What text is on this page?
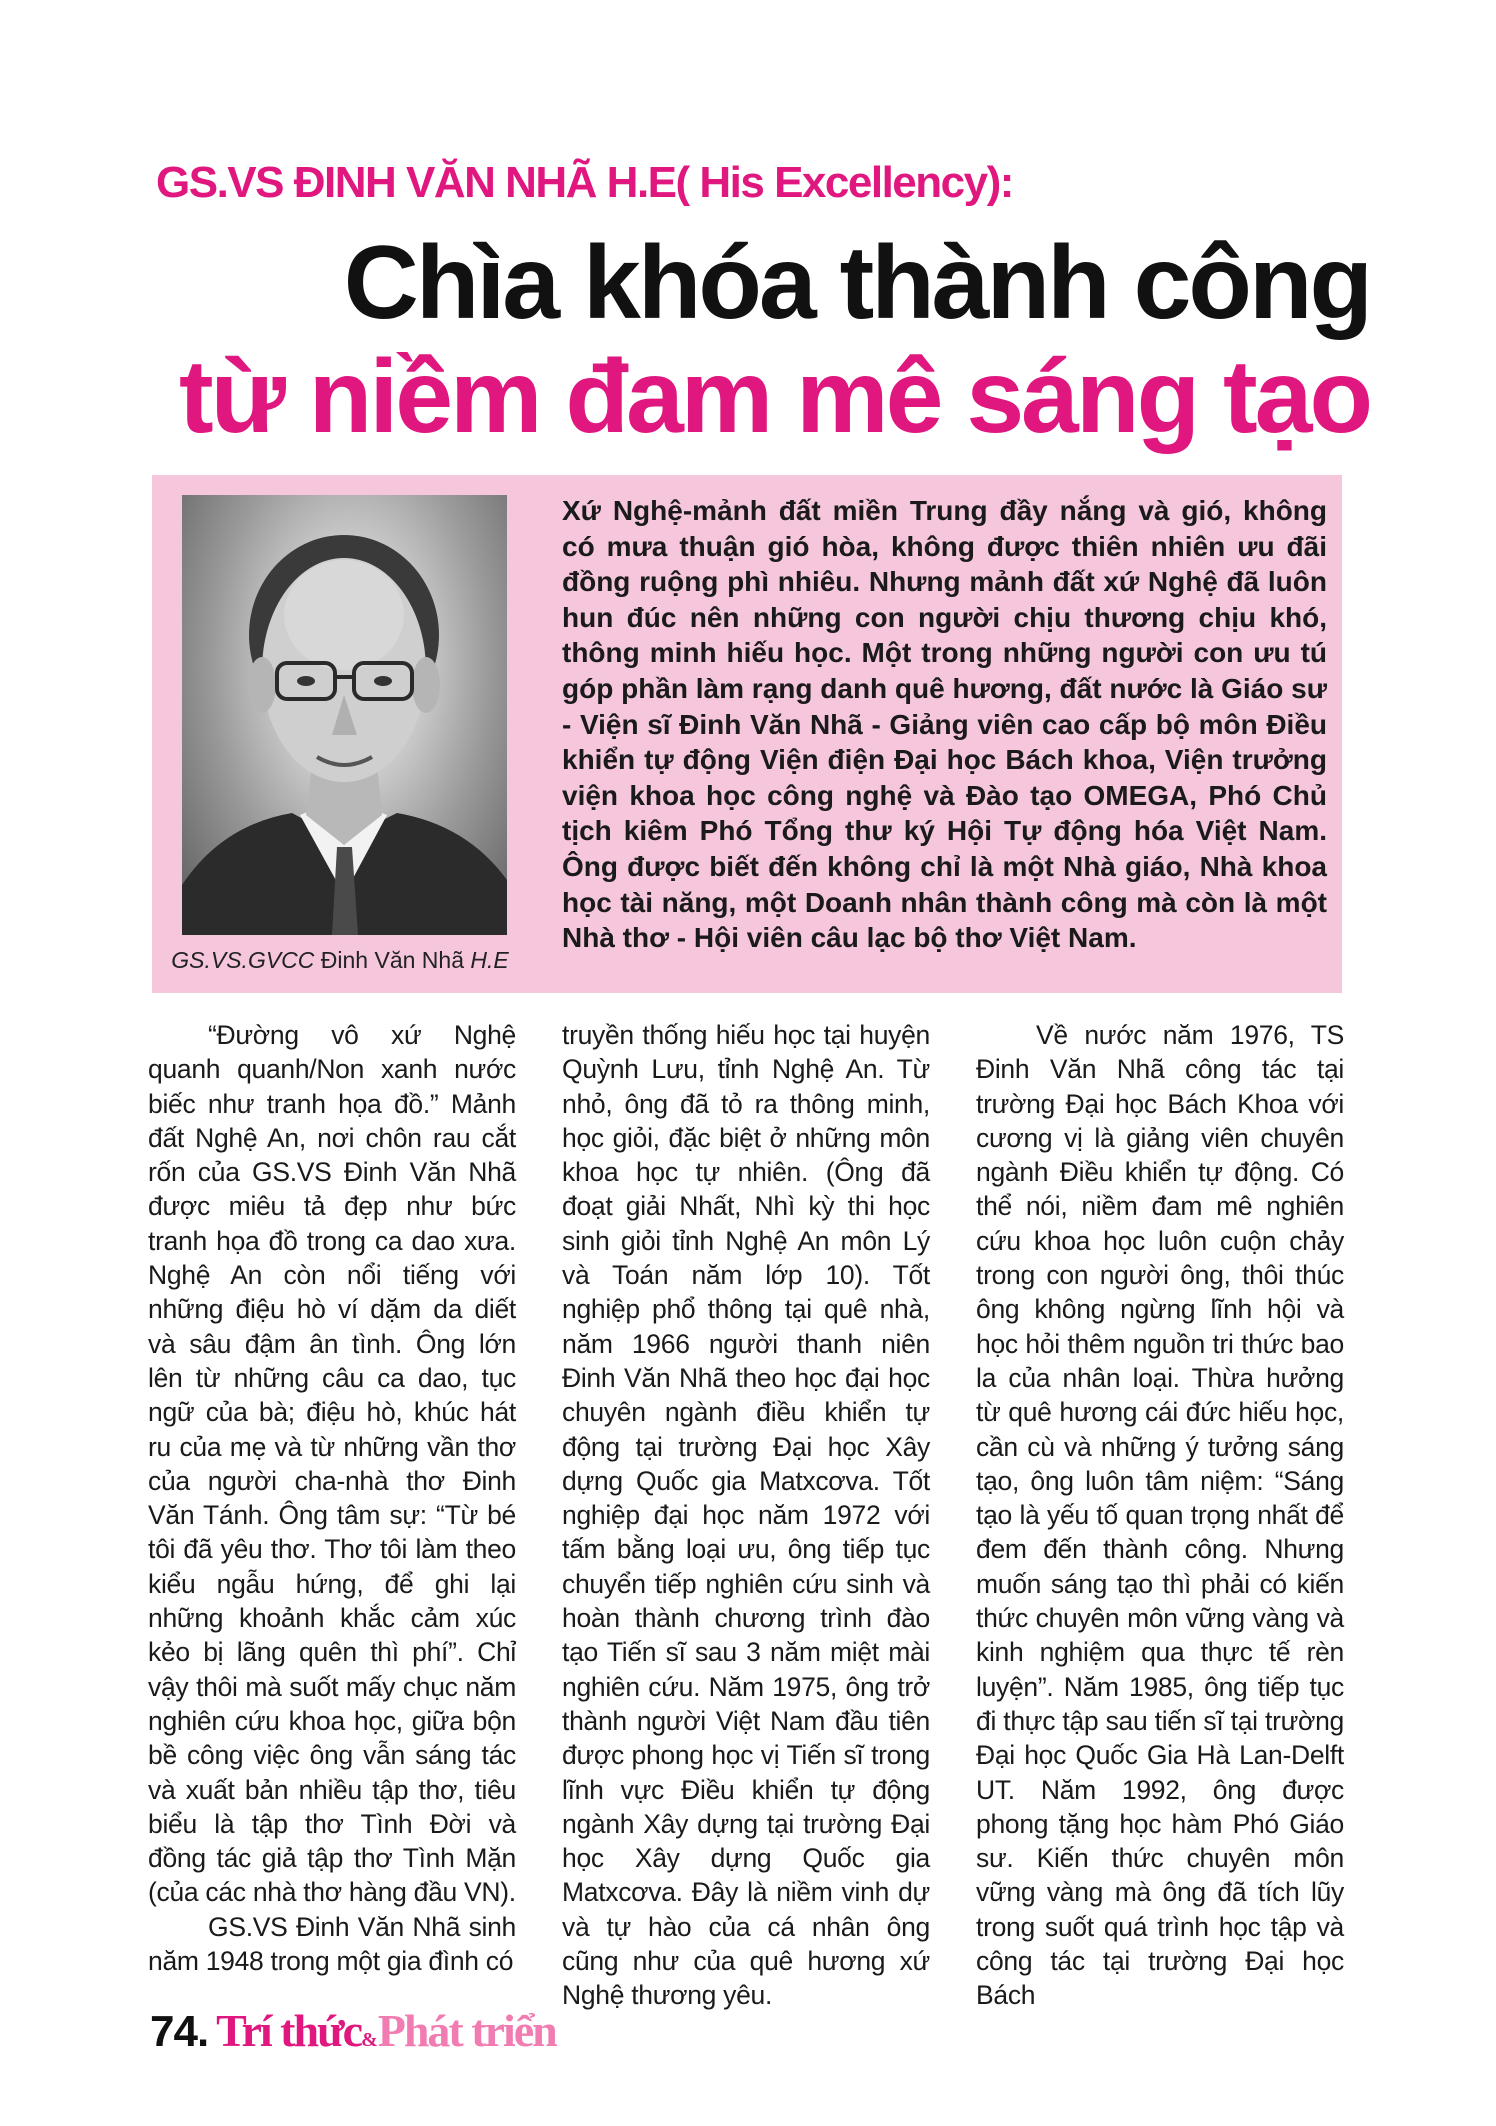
GS.VS ĐINH VĂN NHÃ H.E( His Excellency):
Chìa khóa thành công
từ niềm đam mê sáng tạo
GS.VS.GVCC Đinh Văn Nhã H.E
Xứ Nghệ-mảnh đất miền Trung đầy nắng và gió, không có mưa thuận gió hòa, không được thiên nhiên ưu đãi đồng ruộng phì nhiêu. Nhưng mảnh đất xứ Nghệ đã luôn hun đúc nên những con người chịu thương chịu khó, thông minh hiếu học. Một trong những người con ưu tú góp phần làm rạng danh quê hương, đất nước là Giáo sư - Viện sĩ Đinh Văn Nhã - Giảng viên cao cấp bộ môn Điều khiển tự động Viện điện Đại học Bách khoa, Viện trưởng viện khoa học công nghệ và Đào tạo OMEGA, Phó Chủ tịch kiêm Phó Tổng thư ký Hội Tự động hóa Việt Nam. Ông được biết đến không chỉ là một Nhà giáo, Nhà khoa học tài năng, một Doanh nhân thành công mà còn là một Nhà thơ - Hội viên câu lạc bộ thơ Việt Nam.

“Đường vô xứ Nghệ quanh quanh/Non xanh nước biếc như tranh họa đồ.” Mảnh đất Nghệ An, nơi chôn rau cắt rốn của GS.VS Đinh Văn Nhã được miêu tả đẹp như bức tranh họa đồ trong ca dao xưa. Nghệ An còn nổi tiếng với những điệu hò ví dặm da diết và sâu đậm ân tình. Ông lớn lên từ những câu ca dao, tục ngữ của bà; điệu hò, khúc hát ru của mẹ và từ những vần thơ của người cha-nhà thơ Đinh Văn Tánh. Ông tâm sự: “Từ bé tôi đã yêu thơ. Thơ tôi làm theo kiểu ngẫu hứng, để ghi lại những khoảnh khắc cảm xúc kẻo bị lãng quên thì phí”. Chỉ vậy thôi mà suốt mấy chục năm nghiên cứu khoa học, giữa bộn bề công việc ông vẫn sáng tác và xuất bản nhiều tập thơ, tiêu biểu là tập thơ Tình Đời và đồng tác giả tập thơ Tình Mặn (của các nhà thơ hàng đầu VN).

GS.VS Đinh Văn Nhã sinh năm 1948 trong một gia đình có

truyền thống hiếu học tại huyện Quỳnh Lưu, tỉnh Nghệ An. Từ nhỏ, ông đã tỏ ra thông minh, học giỏi, đặc biệt ở những môn khoa học tự nhiên. (Ông đã đoạt giải Nhất, Nhì kỳ thi học sinh giỏi tỉnh Nghệ An môn Lý và Toán năm lớp 10). Tốt nghiệp phổ thông tại quê nhà, năm 1966 người thanh niên Đinh Văn Nhã theo học đại học chuyên ngành điều khiển tự động tại trường Đại học Xây dựng Quốc gia Matxcơva. Tốt nghiệp đại học năm 1972 với tấm bằng loại ưu, ông tiếp tục chuyển tiếp nghiên cứu sinh và hoàn thành chương trình đào tạo Tiến sĩ sau 3 năm miệt mài nghiên cứu. Năm 1975, ông trở thành người Việt Nam đầu tiên được phong học vị Tiến sĩ trong lĩnh vực Điều khiển tự động ngành Xây dựng tại trường Đại học Xây dựng Quốc gia Matxcơva. Đây là niềm vinh dự và tự hào của cá nhân ông cũng như của quê hương xứ Nghệ thương yêu.

Về nước năm 1976, TS Đinh Văn Nhã công tác tại trường Đại học Bách Khoa với cương vị là giảng viên chuyên ngành Điều khiển tự động. Có thể nói, niềm đam mê nghiên cứu khoa học luôn cuộn chảy trong con người ông, thôi thúc ông không ngừng lĩnh hội và học hỏi thêm nguồn tri thức bao la của nhân loại. Thừa hưởng từ quê hương cái đức hiếu học, cần cù và những ý tưởng sáng tạo, ông luôn tâm niệm: “Sáng tạo là yếu tố quan trọng nhất để đem đến thành công. Nhưng muốn sáng tạo thì phải có kiến thức chuyên môn vững vàng và kinh nghiệm qua thực tế rèn luyện”. Năm 1985, ông tiếp tục đi thực tập sau tiến sĩ tại trường Đại học Quốc Gia Hà Lan-Delft UT. Năm 1992, ông được phong tặng học hàm Phó Giáo sư. Kiến thức chuyên môn vững vàng mà ông đã tích lũy trong suốt quá trình học tập và công tác tại trường Đại học Bách

74. Trí thức&Phát triển
